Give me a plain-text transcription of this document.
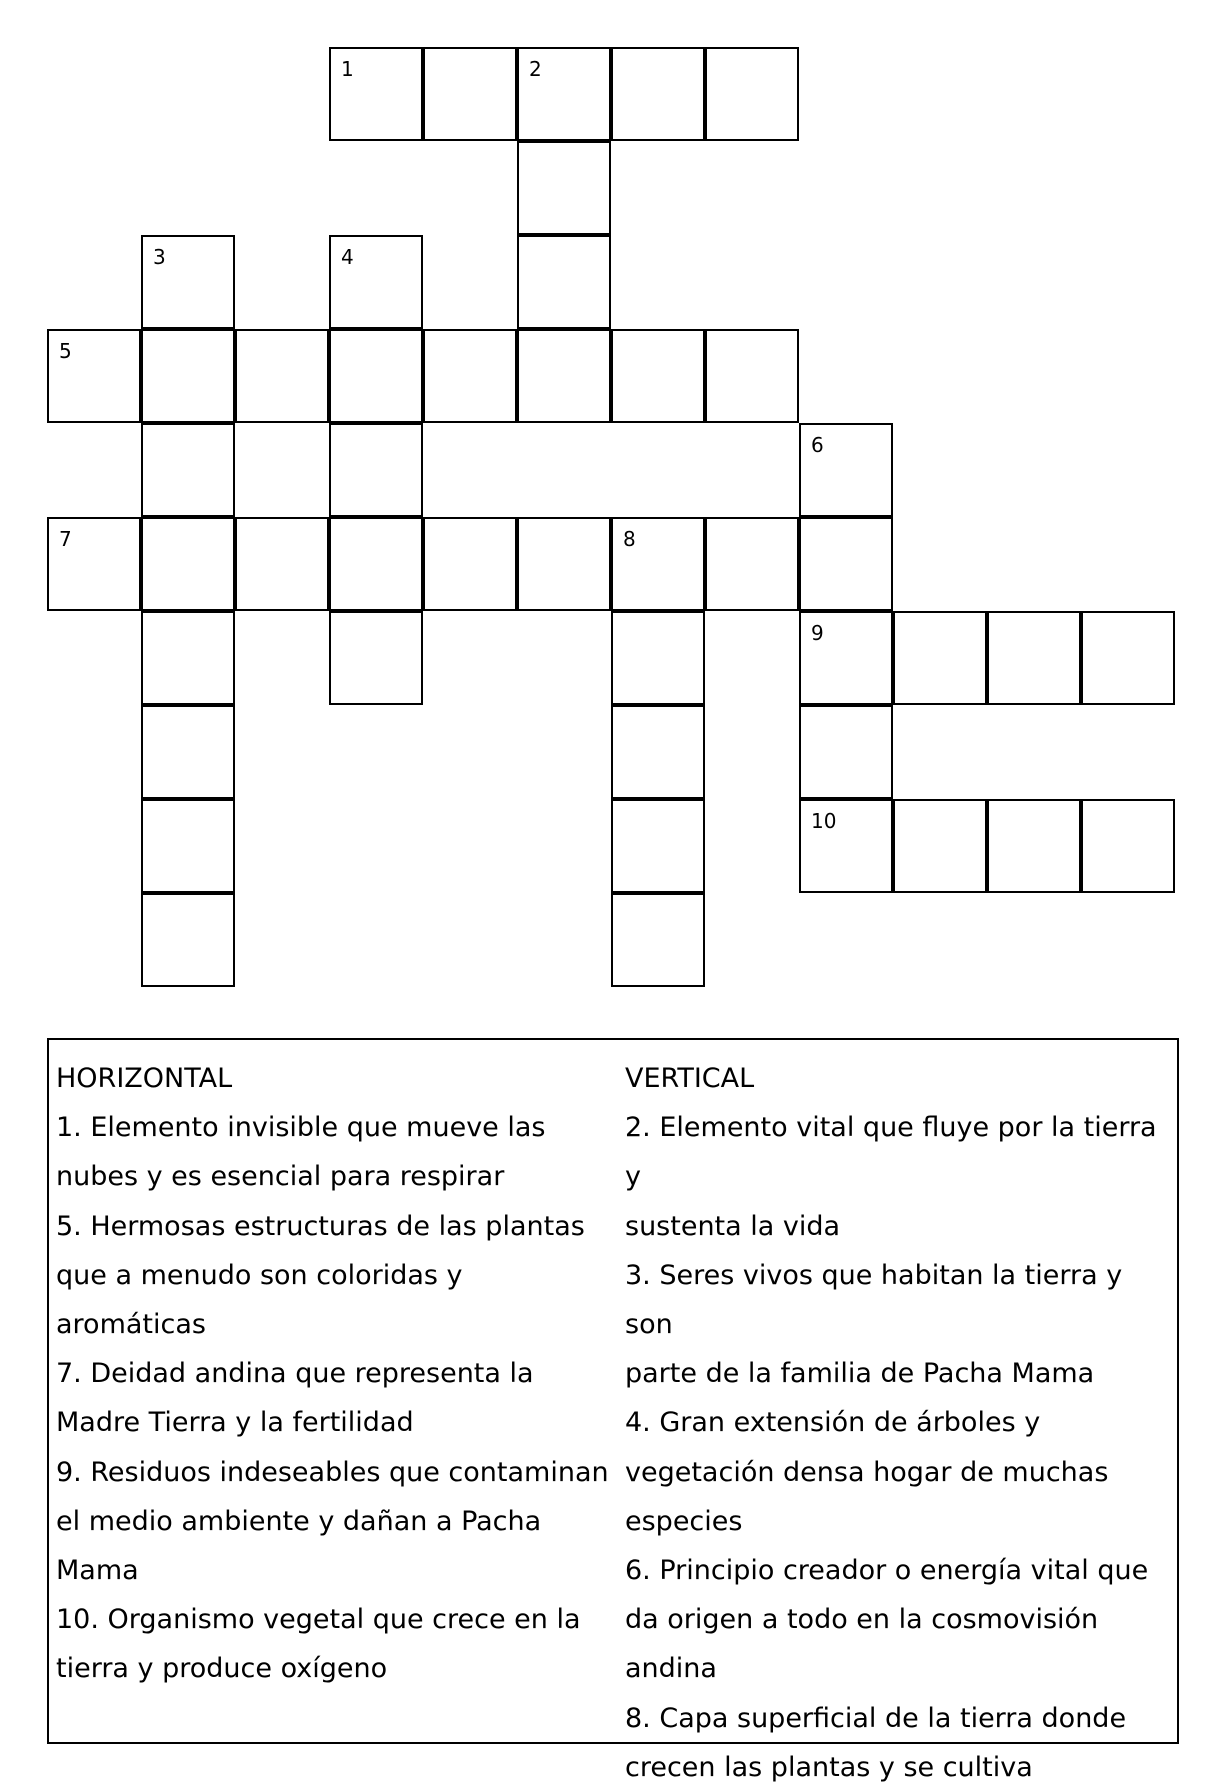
1	2
3	4
5
6
7	8
9
10
HORIZONTAL
1. Elemento invisible que mueve las
nubes y es esencial para respirar
5. Hermosas estructuras de las plantas
que a menudo son coloridas y
aromáticas
7. Deidad andina que representa la
Madre Tierra y la fertilidad
9. Residuos indeseables que contaminan
el medio ambiente y dañan a Pacha
Mama
10. Organismo vegetal que crece en la
tierra y produce oxígeno
VERTICAL
2. Elemento vital que fluye por la tierra y
sustenta la vida
3. Seres vivos que habitan la tierra y son
parte de la familia de Pacha Mama
4. Gran extensión de árboles y
vegetación densa hogar de muchas
especies
6. Principio creador o energía vital que
da origen a todo en la cosmovisión
andina
8. Capa superficial de la tierra donde
crecen las plantas y se cultiva
